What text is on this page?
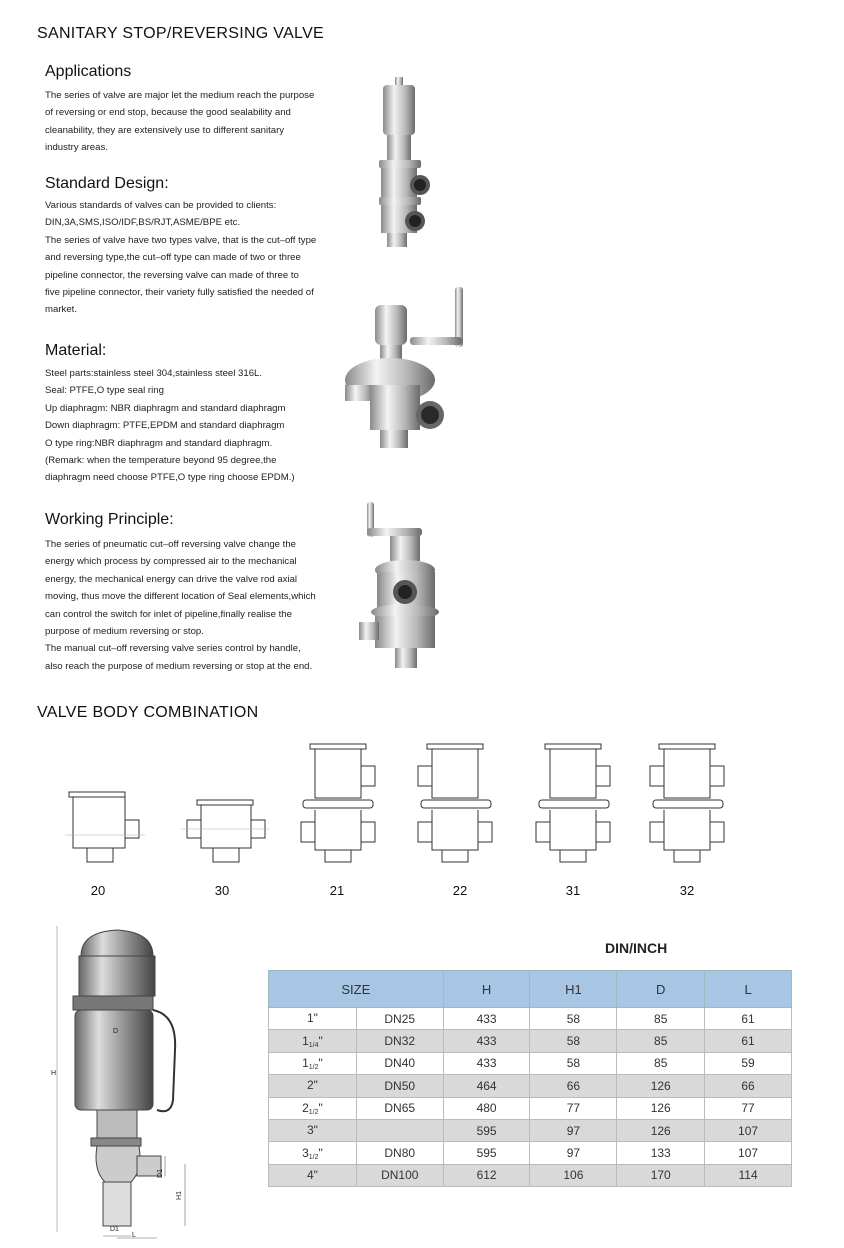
SANITARY STOP/REVERSING VALVE
Applications
The series of valve are major let the medium reach the purpose
of reversing or end stop, because the good sealability and
cleanability, they are extensively use to different sanitary
industry areas.
Standard Design:
Various standards of valves can be provided to clients:
DIN,3A,SMS,ISO/IDF,BS/RJT,ASME/BPE etc.
The series of valve have two types valve, that is the cut–off type
and reversing type,the cut–off type can made of two or three
pipeline connector, the reversing valve can made of three to
five pipeline connector, their variety fully satisfied the needed of
market.
Material:
Steel parts:stainless steel 304,stainless steel 316L.
Seal: PTFE,O type seal ring
Up diaphragm: NBR diaphragm and standard diaphragm
Down diaphragm: PTFE,EPDM and standard diaphragm
O type ring:NBR diaphragm and standard diaphragm.
(Remark: when the temperature beyond 95 degree,the
diaphragm need choose PTFE,O type ring choose EPDM.)
Working Principle:
The series of pneumatic cut–off reversing valve change the
energy which process by compressed air to the mechanical
energy, the mechanical energy can drive the valve rod axial
moving, thus move the different location of Seal elements,which
can control the switch for inlet of pipeline,finally realise the
purpose of medium reversing or stop.
The manual cut–off reversing valve series control by handle,
also reach the purpose of medium reversing or stop at the end.
VALVE BODY COMBINATION
20	30	21	22	31	32
H
D
D1
H1
D1
L
DIN/INCH
SIZE		H	H1	D	L
1"	DN25	433	58	85	61
$1_{1/4}$"	DN32	433	58	85	61
$1_{1/2}$"	DN40	433	58	85	59
2"	DN50	464	66	126	66
$2_{1/2}$"	DN65	480	77	126	77
3"		595	97	126	107
$3_{1/2}$"	DN80	595	97	133	107
4"	DN100	612	106	170	114
